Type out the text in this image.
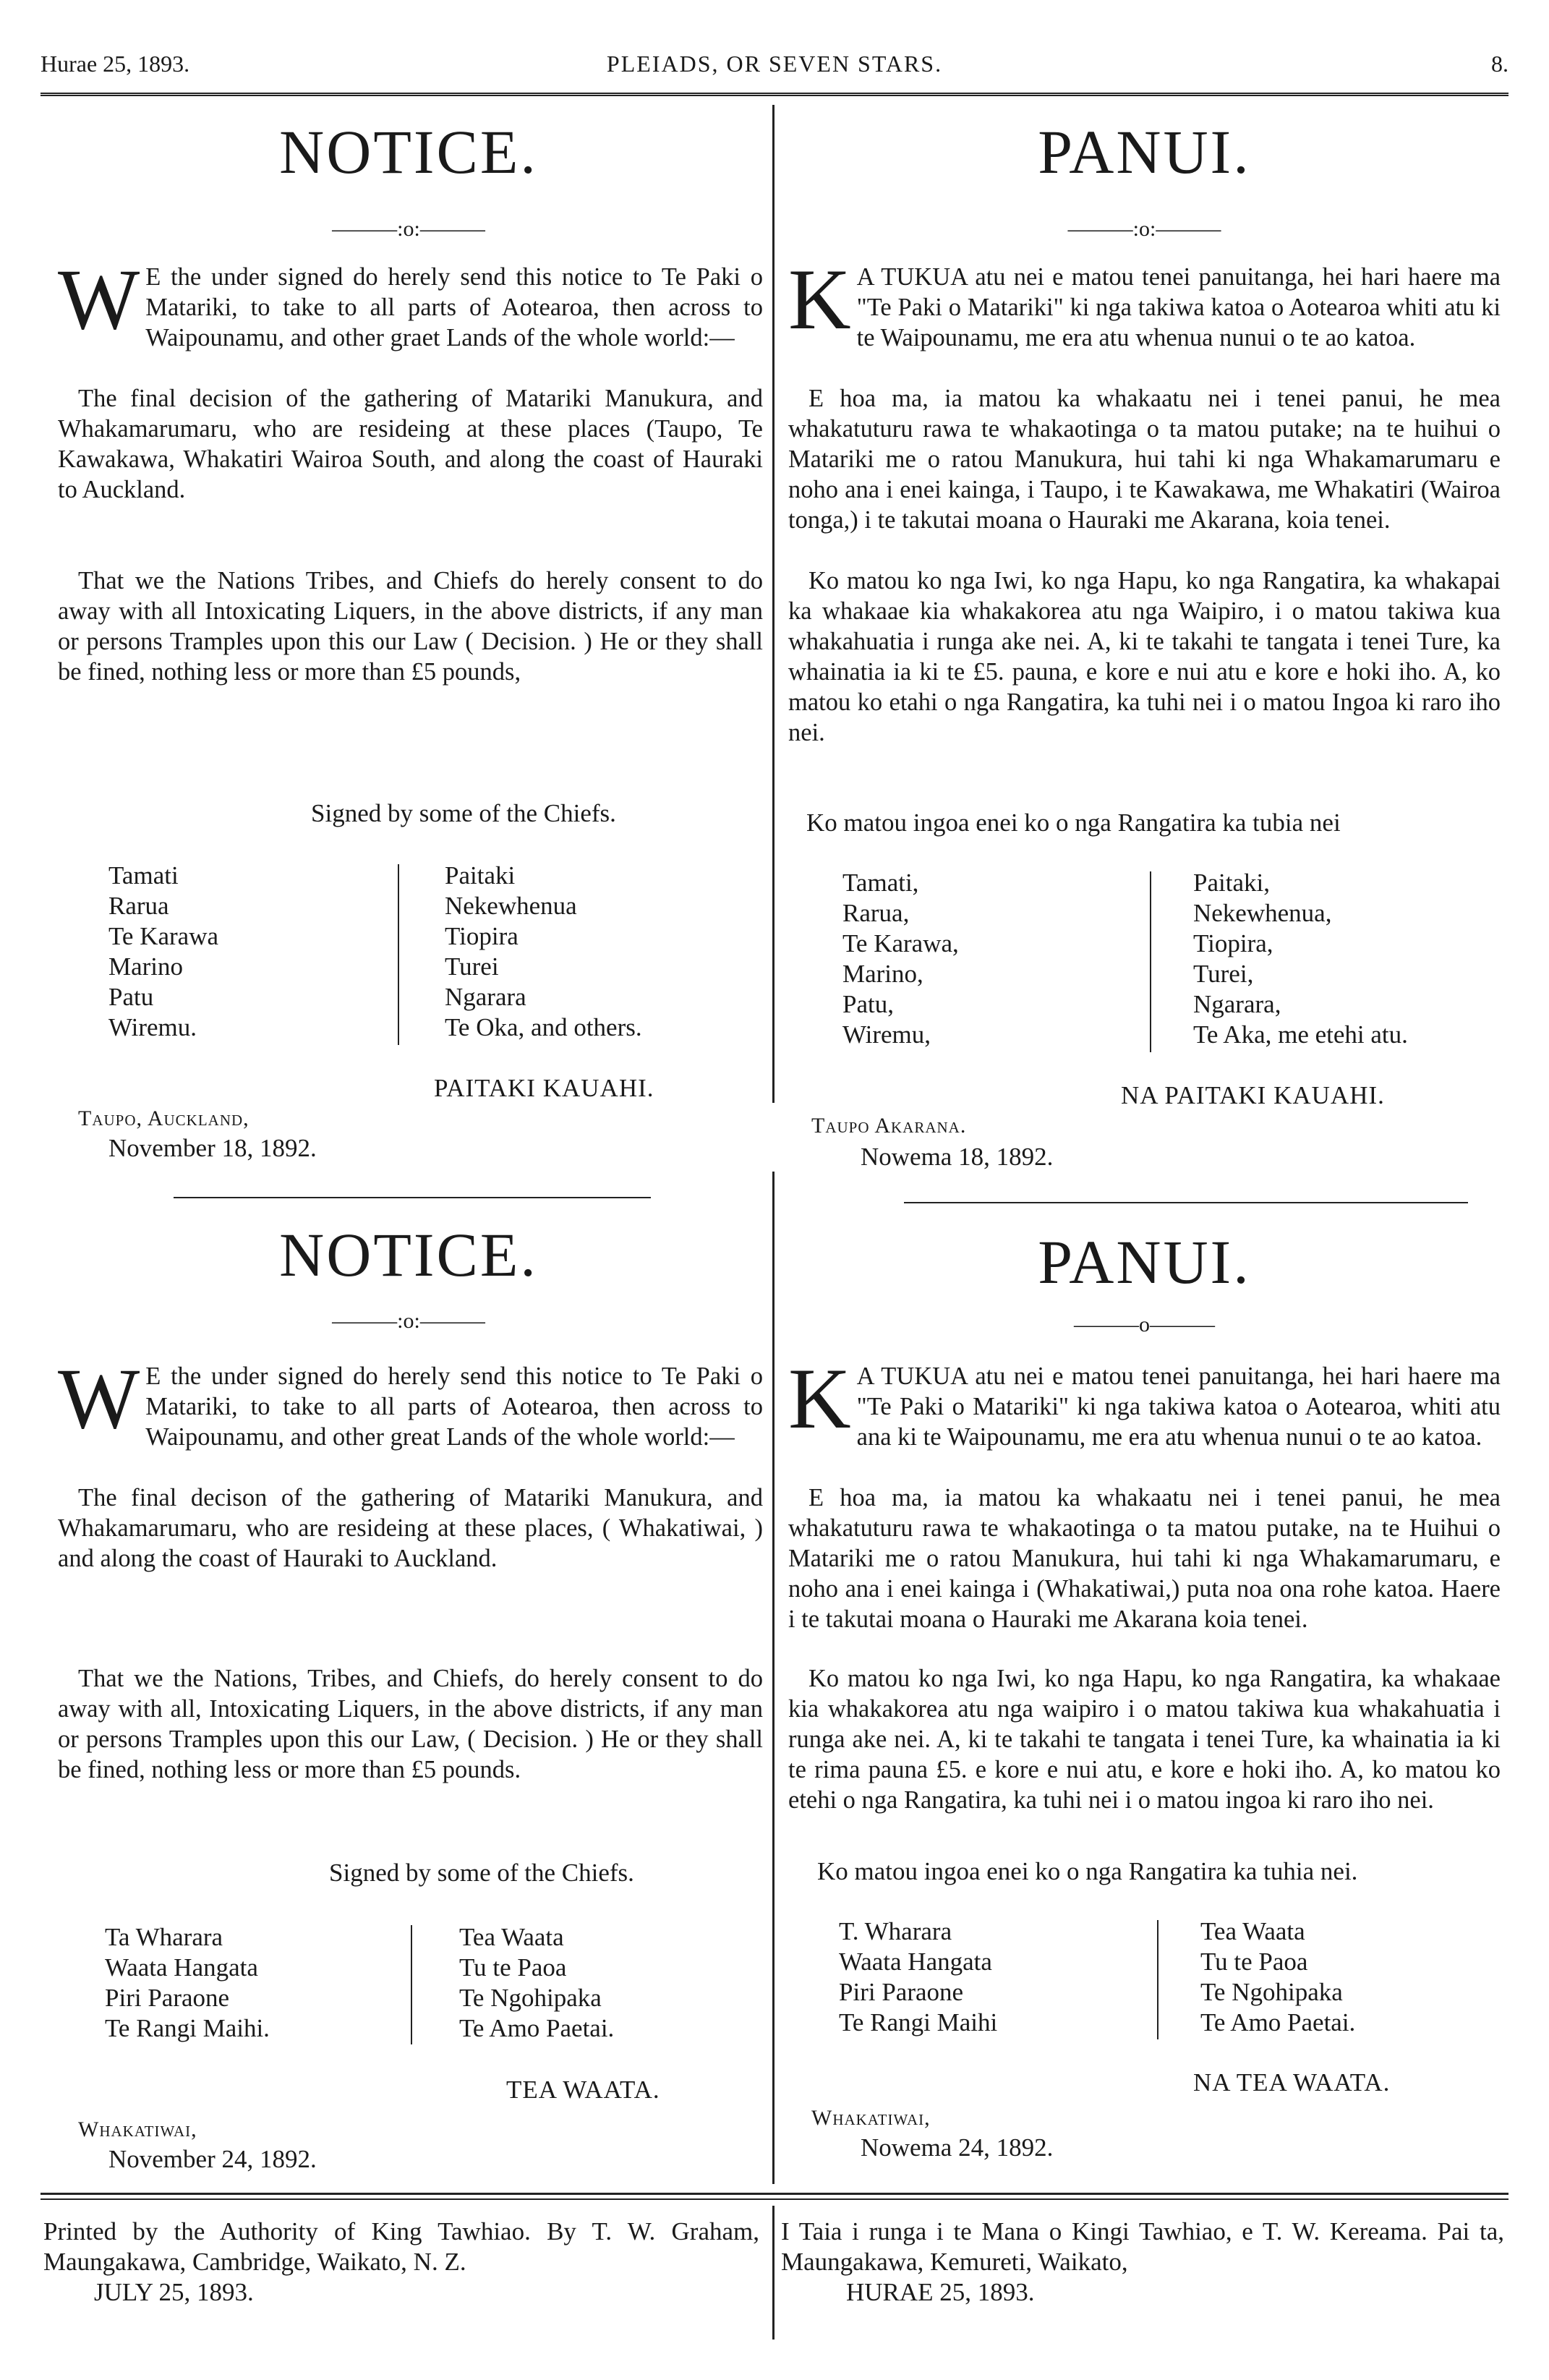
Hurae 25, 1893.	PLEIADS, OR SEVEN STARS.	8.
NOTICE.
———:o:———
W E the under signed do herely send this notice to Te Paki o Matariki, to take to all parts of Aotearoa, then across to Waipounamu, and other graet Lands of the whole world:—
The final decision of the gathering of Matariki Manukura, and Whakamarumaru, who are resideing at these places (Taupo, Te Kawakawa, Whakatiri Wairoa South, and along the coast of Hauraki to Auckland.
That we the Nations Tribes, and Chiefs do herely consent to do away with all Intoxicating Liquers, in the above districts, if any man or persons Tramples upon this our Law ( Decision. ) He or they shall be fined, nothing less or more than £5 pounds,
Signed by some of the Chiefs.
Tamati
Rarua
Te Karawa
Marino
Patu
Wiremu.
Paitaki
Nekewhenua
Tiopira
Turei
Ngarara
Te Oka, and others.
PAITAKI KAUAHI.
Taupo, Auckland,
November 18, 1892.
PANUI.
———:o:———
K A TUKUA atu nei e matou tenei panuitanga, hei hari haere ma "Te Paki o Matariki" ki nga takiwa katoa o Aotearoa whiti atu ki te Waipounamu, me era atu whenua nunui o te ao katoa.
E hoa ma, ia matou ka whakaatu nei i tenei panui, he mea whakatuturu rawa te whakaotinga o ta matou putake; na te huihui o Matariki me o ratou Manukura, hui tahi ki nga Whakamarumaru e noho ana i enei kainga, i Taupo, i te Kawakawa, me Whakatiri (Wairoa tonga,) i te takutai moana o Hauraki me Akarana, koia tenei.
Ko matou ko nga Iwi, ko nga Hapu, ko nga Rangatira, ka whakapai ka whakaae kia whakakorea atu nga Waipiro, i o matou takiwa kua whakahuatia i runga ake nei. A, ki te takahi te tangata i tenei Ture, ka whainatia ia ki te £5. pauna, e kore e nui atu e kore e hoki iho. A, ko matou ko etahi o nga Rangatira, ka tuhi nei i o matou Ingoa ki raro iho nei.
Ko matou ingoa enei ko o nga Rangatira ka tubia nei
Tamati,
Rarua,
Te Karawa,
Marino,
Patu,
Wiremu,
Paitaki,
Nekewhenua,
Tiopira,
Turei,
Ngarara,
Te Aka, me etehi atu.
NA PAITAKI KAUAHI.
Taupo Akarana.
Nowema 18, 1892.
NOTICE.
———:o:———
W E the under signed do herely send this notice to Te Paki o Matariki, to take to all parts of Aotearoa, then across to Waipounamu, and other great Lands of the whole world:—
The final decison of the gathering of Matariki Manukura, and Whakamarumaru, who are resideing at these places, ( Whakatiwai, ) and along the coast of Hauraki to Auckland.
That we the Nations, Tribes, and Chiefs, do herely consent to do away with all, Intoxicating Liquers, in the above districts, if any man or persons Tramples upon this our Law, ( Decision. ) He or they shall be fined, nothing less or more than £5 pounds.
Signed by some of the Chiefs.
Ta Wharara
Waata Hangata
Piri Paraone
Te Rangi Maihi.
Tea Waata
Tu te Paoa
Te Ngohipaka
Te Amo Paetai.
TEA WAATA.
Whakatiwai,
November 24, 1892.
PANUI.
———o———
K A TUKUA atu nei e matou tenei panuitanga, hei hari haere ma "Te Paki o Matariki" ki nga takiwa katoa o Aotearoa, whiti atu ana ki te Waipounamu, me era atu whenua nunui o te ao katoa.
E hoa ma, ia matou ka whakaatu nei i tenei panui, he mea whakatuturu rawa te whakaotinga o ta matou putake, na te Huihui o Matariki me o ratou Manukura, hui tahi ki nga Whakamarumaru, e noho ana i enei kainga i (Whakatiwai,) puta noa ona rohe katoa. Haere i te takutai moana o Hauraki me Akarana koia tenei.
Ko matou ko nga Iwi, ko nga Hapu, ko nga Rangatira, ka whakaae kia whakakorea atu nga waipiro i o matou takiwa kua whakahuatia i runga ake nei. A, ki te takahi te tangata i tenei Ture, ka whainatia ia ki te rima pauna £5. e kore e nui atu, e kore e hoki iho. A, ko matou ko etehi o nga Rangatira, ka tuhi nei i o matou ingoa ki raro iho nei.
Ko matou ingoa enei ko o nga Rangatira ka tuhia nei.
T. Wharara
Waata Hangata
Piri Paraone
Te Rangi Maihi
Tea Waata
Tu te Paoa
Te Ngohipaka
Te Amo Paetai.
NA TEA WAATA.
Whakatiwai,
Nowema 24, 1892.
Printed by the Authority of King Tawhiao. By T. W. Graham, Maungakawa, Cambridge, Waikato, N. Z.
JULY 25, 1893.
I Taia i runga i te Mana o Kingi Tawhiao, e T. W. Kereama. Pai ta, Maungakawa, Kemureti, Waikato,
HURAE 25, 1893.
